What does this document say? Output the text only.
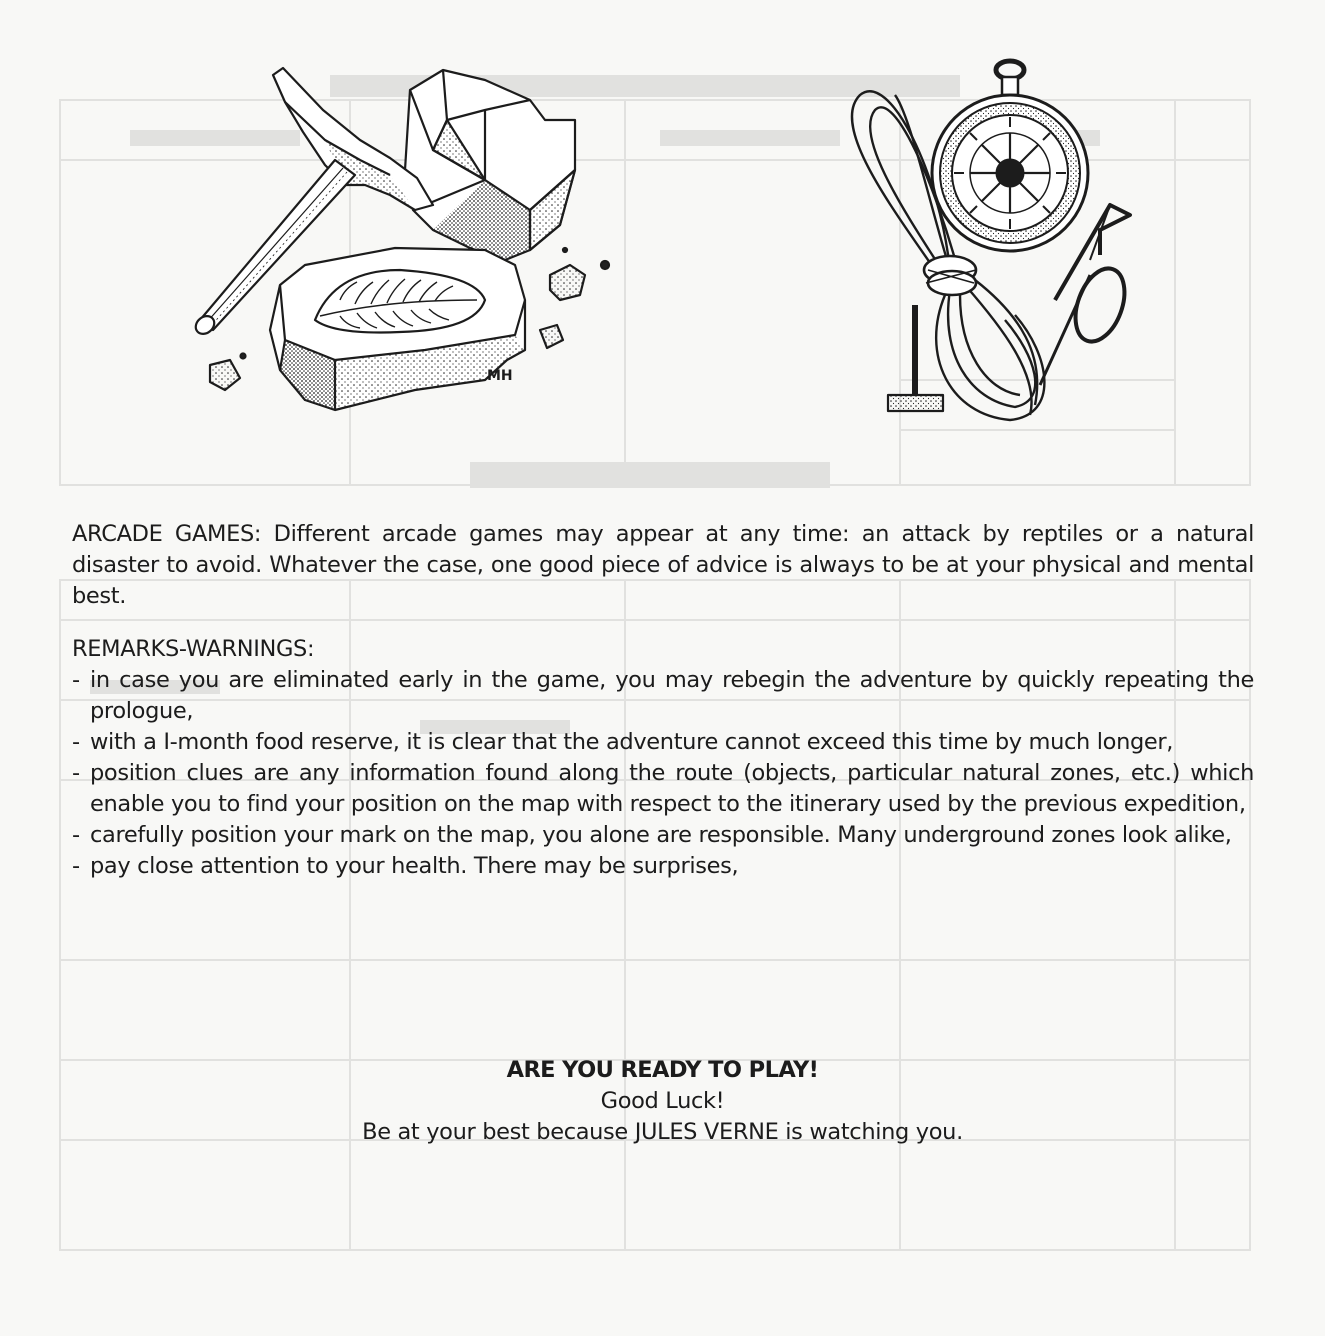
MH

ARCADE GAMES: Different arcade games may appear at any time: an attack by reptiles or a natural disaster to avoid. Whatever the case, one good piece of advice is always to be at your physical and mental best.

REMARKS-WARNINGS:

- in case you are eliminated early in the game, you may rebegin the adventure by quickly repeating the prologue,
- with a I-month food reserve, it is clear that the adventure cannot exceed this time by much longer,
- position clues are any information found along the route (objects, particular natural zones, etc.) which enable you to find your position on the map with respect to the itinerary used by the previous expedition,
- carefully position your mark on the map, you alone are responsible. Many underground zones look alike,
- pay close attention to your health. There may be surprises,
ARE YOU READY TO PLAY!
Good Luck!
Be at your best because JULES VERNE is watching you.
